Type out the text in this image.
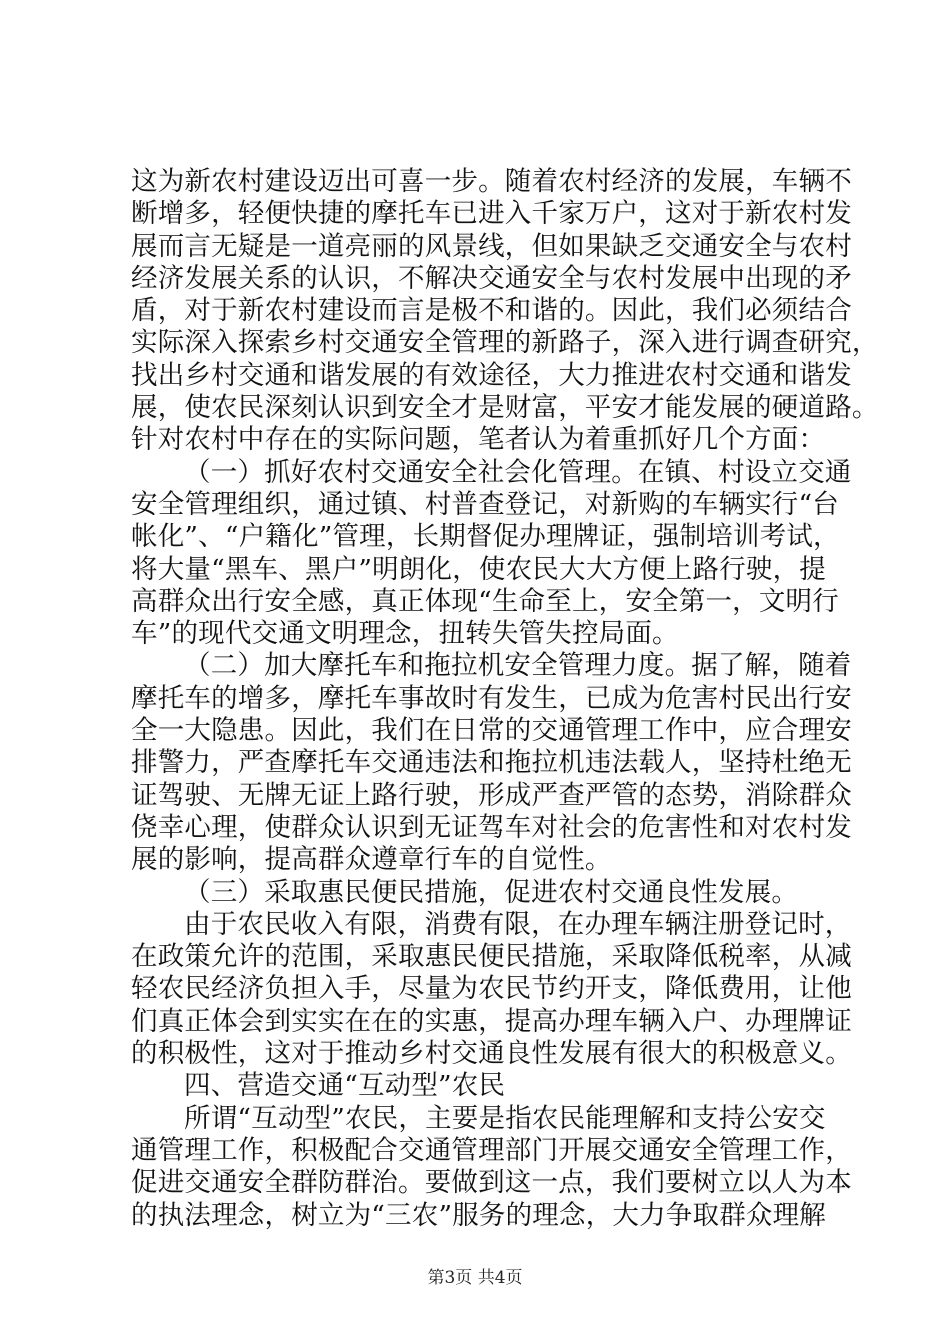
这为新农村建设迈出可喜一步。随着农村经济的发展，车辆不
断增多，轻便快捷的摩托车已进入千家万户，这对于新农村发
展而言无疑是一道亮丽的风景线，但如果缺乏交通安全与农村
经济发展关系的认识，不解决交通安全与农村发展中出现的矛
盾，对于新农村建设而言是极不和谐的。因此，我们必须结合
实际深入探索乡村交通安全管理的新路子，深入进行调查研究，
找出乡村交通和谐发展的有效途径，大力推进农村交通和谐发
展，使农民深刻认识到安全才是财富，平安才能发展的硬道路。
针对农村中存在的实际问题，笔者认为着重抓好几个方面：
（一）抓好农村交通安全社会化管理。在镇、村设立交通
安全管理组织，通过镇、村普查登记，对新购的车辆实行“台
帐化”、“户籍化”管理，长期督促办理牌证，强制培训考试，
将大量“黑车、黑户”明朗化，使农民大大方便上路行驶，提
高群众出行安全感，真正体现“生命至上，安全第一，文明行
车”的现代交通文明理念，扭转失管失控局面。
（二）加大摩托车和拖拉机安全管理力度。据了解，随着
摩托车的增多，摩托车事故时有发生，已成为危害村民出行安
全一大隐患。因此，我们在日常的交通管理工作中，应合理安
排警力，严查摩托车交通违法和拖拉机违法载人，坚持杜绝无
证驾驶、无牌无证上路行驶，形成严查严管的态势，消除群众
侥幸心理，使群众认识到无证驾车对社会的危害性和对农村发
展的影响，提高群众遵章行车的自觉性。
（三）采取惠民便民措施，促进农村交通良性发展。
由于农民收入有限，消费有限，在办理车辆注册登记时，
在政策允许的范围，采取惠民便民措施，采取降低税率，从减
轻农民经济负担入手，尽量为农民节约开支，降低费用，让他
们真正体会到实实在在的实惠，提高办理车辆入户、办理牌证
的积极性，这对于推动乡村交通良性发展有很大的积极意义。
四、营造交通“互动型”农民
所谓“互动型”农民，主要是指农民能理解和支持公安交
通管理工作，积极配合交通管理部门开展交通安全管理工作，
促进交通安全群防群治。要做到这一点，我们要树立以人为本
的执法理念，树立为“三农”服务的理念，大力争取群众理解
第3页 共4页
